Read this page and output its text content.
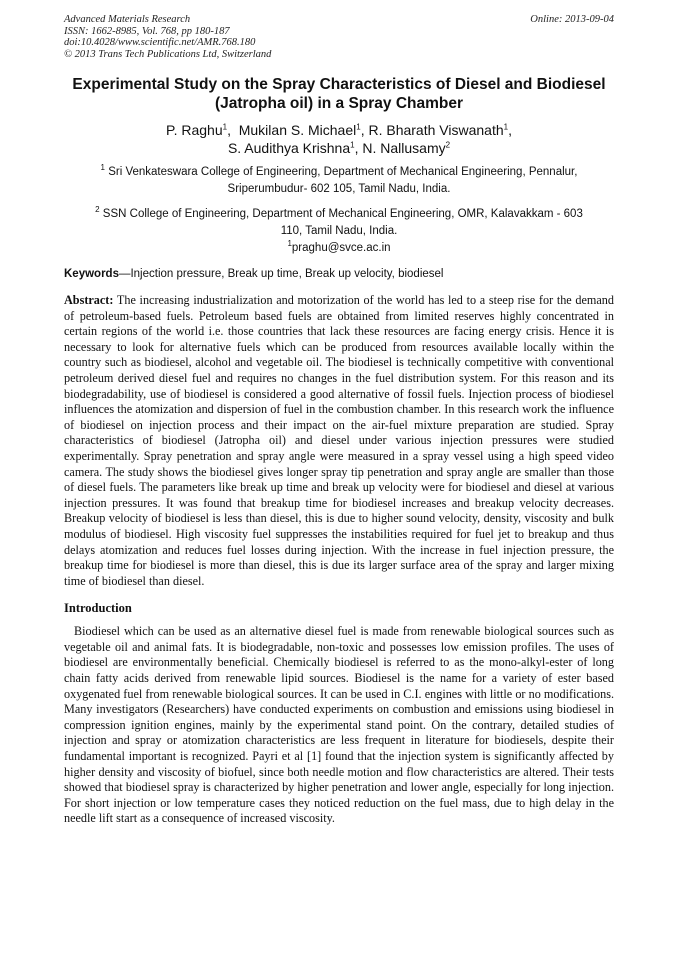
Advanced Materials Research
ISSN: 1662-8985, Vol. 768, pp 180-187
doi:10.4028/www.scientific.net/AMR.768.180
© 2013 Trans Tech Publications Ltd, Switzerland
Online: 2013-09-04
Experimental Study on the Spray Characteristics of Diesel and Biodiesel
(Jatropha oil) in a Spray Chamber
P. Raghu$^1$,  Mukilan S. Michael$^1$, R. Bharath Viswanath$^1$,
S. Audithya Krishna$^1$, N. Nallusamy$^2$
$^1$ Sri Venkateswara College of Engineering, Department of Mechanical Engineering, Pennalur,
Sriperumbudur- 602 105, Tamil Nadu, India.
$^2$ SSN College of Engineering, Department of Mechanical Engineering, OMR, Kalavakkam - 603
110, Tamil Nadu, India.
$^1$praghu@svce.ac.in
Keywords—Injection pressure, Break up time, Break up velocity, biodiesel
Abstract: The increasing industrialization and motorization of the world has led to a steep rise for the demand of petroleum-based fuels. Petroleum based fuels are obtained from limited reserves highly concentrated in certain regions of the world i.e. those countries that lack these resources are facing energy crisis. Hence it is necessary to look for alternative fuels which can be produced from resources available locally within the country such as biodiesel, alcohol and vegetable oil. The biodiesel is technically competitive with conventional petroleum derived diesel fuel and requires no changes in the fuel distribution system. For this reason and its biodegradability, use of biodiesel is considered a good alternative of fossil fuels. Injection process of biodiesel influences the atomization and dispersion of fuel in the combustion chamber. In this research work the influence of biodiesel on injection process and their impact on the air-fuel mixture preparation are studied. Spray characteristics of biodiesel (Jatropha oil) and diesel under various injection pressures were studied experimentally. Spray penetration and spray angle were measured in a spray vessel using a high speed video camera. The study shows the biodiesel gives longer spray tip penetration and spray angle are smaller than those of diesel fuels. The parameters like break up time and break up velocity were for biodiesel and diesel at various injection pressures. It was found that breakup time for biodiesel increases and breakup velocity decreases. Breakup velocity of biodiesel is less than diesel, this is due to higher sound velocity, density, viscosity and bulk modulus of biodiesel. High viscosity fuel suppresses the instabilities required for fuel jet to breakup and thus delays atomization and reduces fuel losses during injection. With the increase in fuel injection pressure, the breakup time for biodiesel is more than diesel, this is due its larger surface area of the spray and larger mixing time of biodiesel than diesel.
Introduction
Biodiesel which can be used as an alternative diesel fuel is made from renewable biological sources such as vegetable oil and animal fats. It is biodegradable, non-toxic and possesses low emission profiles. The uses of biodiesel are environmentally beneficial. Chemically biodiesel is referred to as the mono-alkyl-ester of long chain fatty acids derived from renewable lipid sources. Biodiesel is the name for a variety of ester based oxygenated fuel from renewable biological sources. It can be used in C.I. engines with little or no modifications. Many investigators (Researchers) have conducted experiments on combustion and emissions using biodiesel in compression ignition engines, mainly by the experimental stand point. On the contrary, detailed studies of injection and spray or atomization characteristics are less frequent in literature for biodiesels, despite their fundamental important is recognized. Payri et al [1] found that the injection system is significantly affected by higher density and viscosity of biofuel, since both needle motion and flow characteristics are altered. Their tests showed that biodiesel spray is characterized by higher penetration and lower angle, especially for long injection. For short injection or low temperature cases they noticed reduction on the fuel mass, due to high delay in the needle lift start as a consequence of increased viscosity.
